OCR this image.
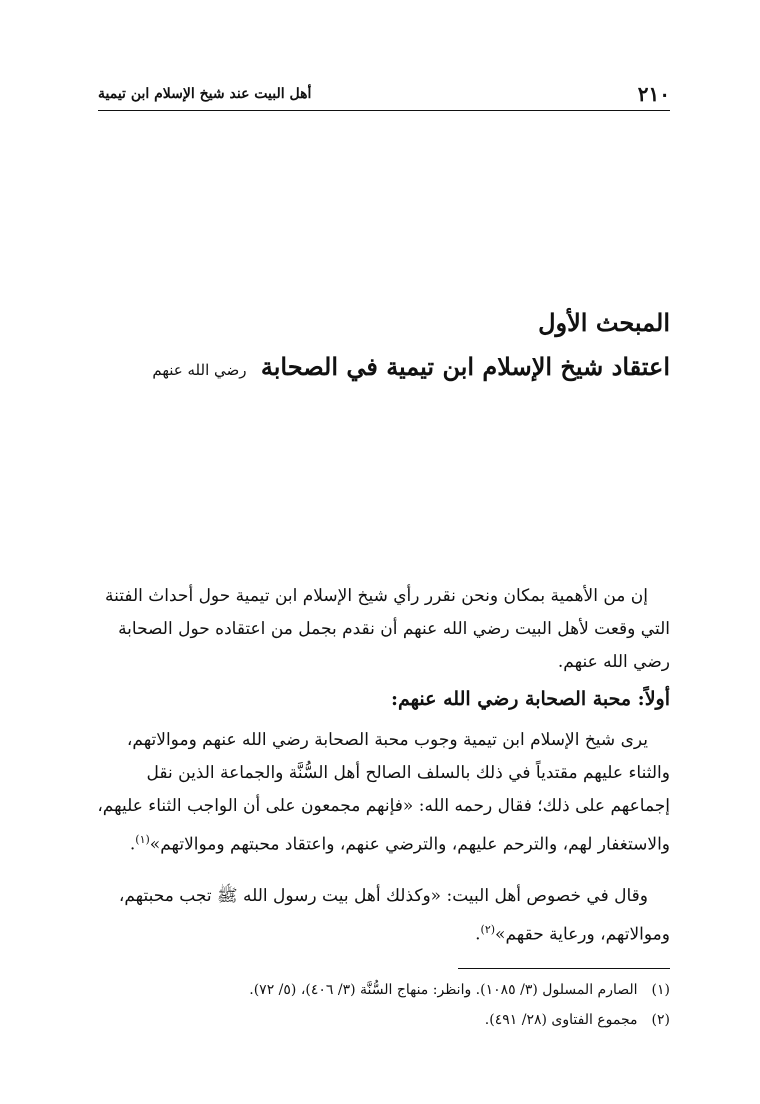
٢١٠
أهل البيت عند شيخ الإسلام ابن تيمية
المبحث الأول
اعتقاد شيخ الإسلام ابن تيمية في الصحابة رضي الله عنهم

إن من الأهمية بمكان ونحن نقرر رأي شيخ الإسلام ابن تيمية حول أحداث الفتنة التي وقعت لأهل البيت رضي الله عنهم أن نقدم بجمل من اعتقاده حول الصحابة رضي الله عنهم.

أولاً: محبة الصحابة رضي الله عنهم:

يرى شيخ الإسلام ابن تيمية وجوب محبة الصحابة رضي الله عنهم وموالاتهم، والثناء عليهم مقتدياً في ذلك بالسلف الصالح أهل السُّنَّة والجماعة الذين نقل إجماعهم على ذلك؛ فقال رحمه الله: «فإنهم مجمعون على أن الواجب الثناء عليهم، والاستغفار لهم، والترحم عليهم، والترضي عنهم، واعتقاد محبتهم وموالاتهم»$^{(١)}$.

وقال في خصوص أهل البيت: «وكذلك أهل بيت رسول الله ﷺ تجب محبتهم، وموالاتهم، ورعاية حقهم»$^{(٢)}$.

(١)الصارم المسلول (٣/ ١٠٨٥). وانظر: منهاج السُّنَّة (٣/ ٤٠٦)، (٥/ ٧٢).
(٢)مجموع الفتاوى (٢٨/ ٤٩١).
